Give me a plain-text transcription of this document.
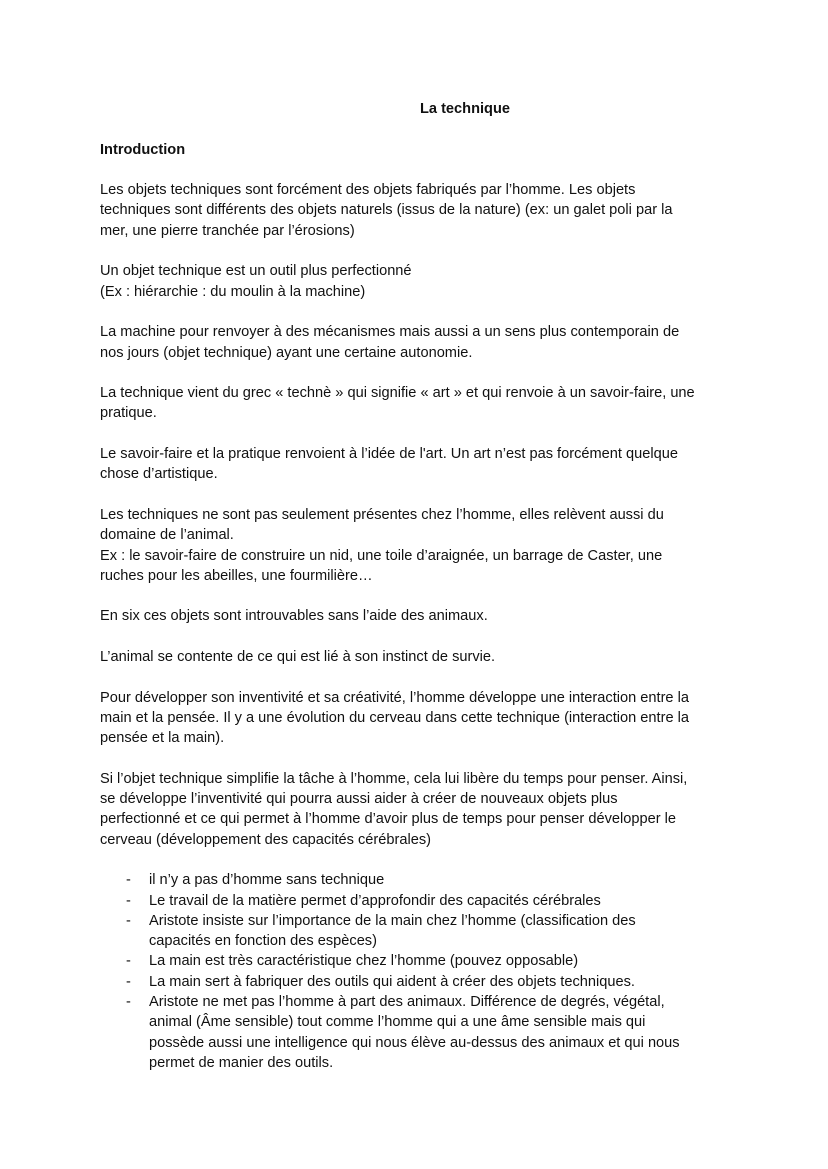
La technique
Introduction
Les objets techniques sont forcément des objets fabriqués par l’homme. Les objets
techniques sont différents des objets naturels (issus de la nature) (ex: un galet poli par la
mer, une pierre tranchée par l’érosions)
Un objet technique est un outil plus perfectionné
(Ex : hiérarchie : du moulin à la machine)
La machine pour renvoyer à des mécanismes mais aussi a un sens plus contemporain de
nos jours (objet technique) ayant une certaine autonomie.
La technique vient du grec « technè » qui signifie « art » et qui renvoie à un savoir-faire, une
pratique.
Le savoir-faire et la pratique renvoient à l’idée de l'art. Un art n’est pas forcément quelque
chose d’artistique.
Les techniques ne sont pas seulement présentes chez l’homme, elles relèvent aussi du
domaine de l’animal.
Ex : le savoir-faire de construire un nid, une toile d’araignée, un barrage de Caster, une
ruches pour les abeilles, une fourmilière…
En six ces objets sont introuvables sans l’aide des animaux.
L’animal se contente de ce qui est lié à son instinct de survie.
Pour développer son inventivité et sa créativité, l’homme développe une interaction entre la
main et la pensée. Il y a une évolution du cerveau dans cette technique (interaction entre la
pensée et la main).
Si l’objet technique simplifie la tâche à l’homme, cela lui libère du temps pour penser. Ainsi,
se développe l’inventivité qui pourra aussi aider à créer de nouveaux objets plus
perfectionné et ce qui permet à l’homme d’avoir plus de temps pour penser développer le
cerveau (développement des capacités cérébrales)
- il n’y a pas d’homme sans technique
- Le travail de la matière permet d’approfondir des capacités cérébrales
- Aristote insiste sur l’importance de la main chez l’homme (classification des
capacités en fonction des espèces)
- La main est très caractéristique chez l’homme (pouvez opposable)
- La main sert à fabriquer des outils qui aident à créer des objets techniques.
- Aristote ne met pas l’homme à part des animaux. Différence de degrés, végétal,
animal (Âme sensible) tout comme l’homme qui a une âme sensible mais qui
possède aussi une intelligence qui nous élève au-dessus des animaux et qui nous
permet de manier des outils.
